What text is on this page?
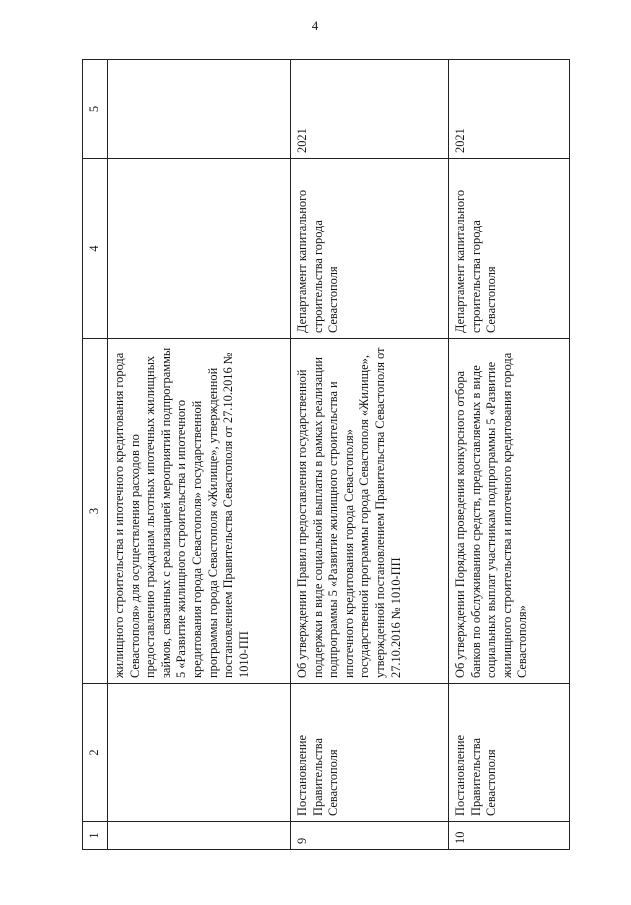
4
1	2	3	4	5
		жилищного строительства и ипотечного кредитования города Севастополя» для осуществления расходов по предоставлению гражданам льготных ипотечных жилищных займов, связанных с реализацией мероприятий подпрограммы 5 «Развитие жилищного строительства и ипотечного кредитования города Севастополя» государственной программы города Севастополя «Жилище», утвержденной постановлением Правительства Севастополя от 27.10.2016 № 1010-ПП		
9	Постановление Правительства Севастополя	Об утверждении Правил предоставления государственной поддержки в виде социальной выплаты в рамках реализации подпрограммы 5 «Развитие жилищного строительства и ипотечного кредитования города Севастополя» государственной программы города Севастополя «Жилище», утвержденной постановлением Правительства Севастополя от 27.10.2016 № 1010-ПП	Департамент капитального строительства города Севастополя	2021
10	Постановление Правительства Севастополя	Об утверждении Порядка проведения конкурсного отбора банков по обслуживанию средств, предоставляемых в виде социальных выплат участникам подпрограммы 5 «Развитие жилищного строительства и ипотечного кредитования города Севастополя»	Департамент капитального строительства города Севастополя	2021
